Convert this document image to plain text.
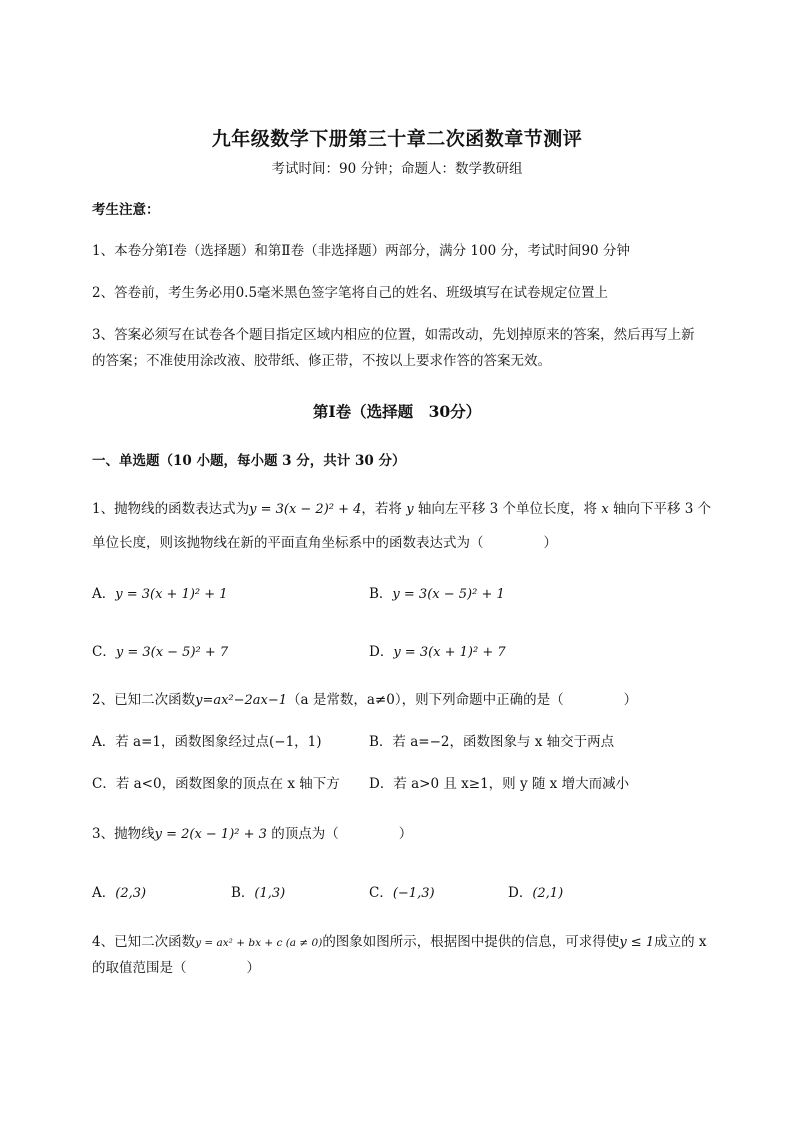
九年级数学下册第三十章二次函数章节测评
考试时间：90 分钟；命题人：数学教研组
考生注意：
1、本卷分第Ⅰ卷（选择题）和第Ⅱ卷（非选择题）两部分，满分 100 分，考试时间90 分钟
2、答卷前，考生务必用0.5毫米黑色签字笔将自己的姓名、班级填写在试卷规定位置上
3、答案必须写在试卷各个题目指定区域内相应的位置，如需改动，先划掉原来的答案，然后再写上新
的答案；不准使用涂改液、胶带纸、修正带，不按以上要求作答的答案无效。
第Ⅰ卷（选择题　30分）
一、单选题（10 小题，每小题 3 分，共计 30 分）
1、抛物线的函数表达式为y = 3(x − 2)² + 4，若将 y 轴向左平移 3 个单位长度，将 x 轴向下平移 3 个
单位长度，则该抛物线在新的平面直角坐标系中的函数表达式为（	）
A．y = 3(x + 1)² + 1	B．y = 3(x − 5)² + 1
C．y = 3(x − 5)² + 7	D．y = 3(x + 1)² + 7
2、已知二次函数y=ax²−2ax−1（a 是常数，a≠0），则下列命题中正确的是（	）
A．若 a=1，函数图象经过点(−1，1)	B．若 a=−2，函数图象与 x 轴交于两点
C．若 a<0，函数图象的顶点在 x 轴下方 D．若 a>0 且 x≥1，则 y 随 x 增大而减小
3、抛物线y = 2(x − 1)² + 3 的顶点为（	）
A．(2,3)	B．(1,3)	C．(−1,3)	D．(2,1)
4、已知二次函数y = ax² + bx + c (a ≠ 0)的图象如图所示，根据图中提供的信息，可求得使y ≤ 1成立的 x
的取值范围是（	）
